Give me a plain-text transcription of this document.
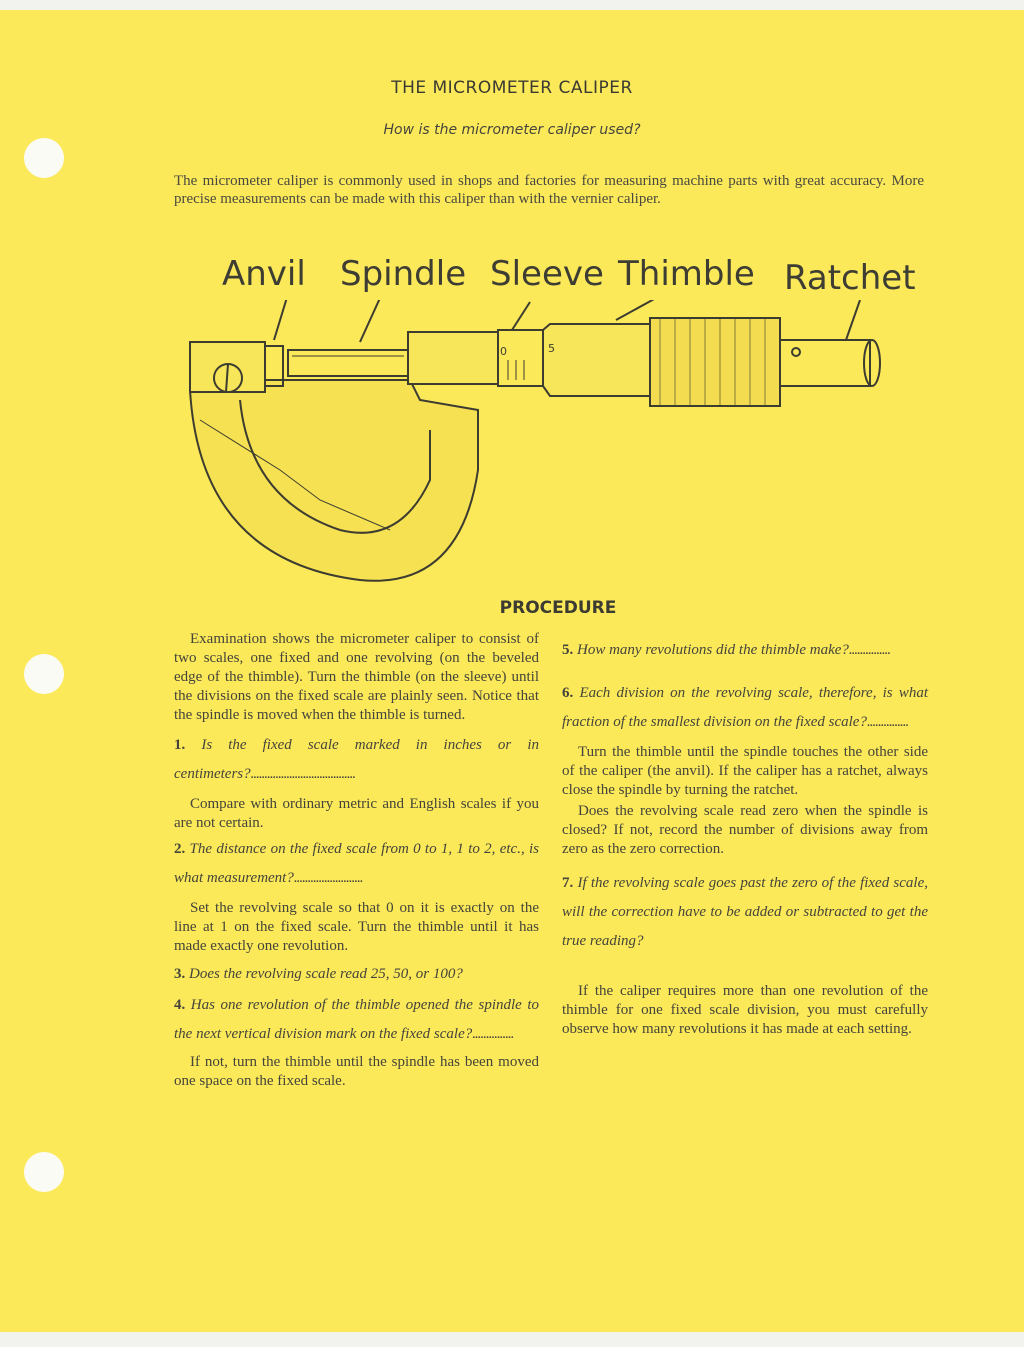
THE MICROMETER CALIPER
How is the micrometer caliper used?
The micrometer caliper is commonly used in shops and factories for measuring machine parts with great accuracy. More precise measurements can be made with this caliper than with the vernier caliper.
Anvil Spindle Sleeve Thimble Ratchet
0	5
PROCEDURE

Examination shows the micrometer caliper to consist of two scales, one fixed and one revolving (on the beveled edge of the thimble). Turn the thimble (on the sleeve) until the divisions on the fixed scale are plainly seen. Notice that the spindle is moved when the thimble is turned.

1. Is the fixed scale marked in inches or in centimeters?......................................

Compare with ordinary metric and English scales if you are not certain.

2. The distance on the fixed scale from 0 to 1, 1 to 2, etc., is what measurement?.........................

Set the revolving scale so that 0 on it is exactly on the line at 1 on the fixed scale. Turn the thimble until it has made exactly one revolution.

3. Does the revolving scale read 25, 50, or 100?

4. Has one revolution of the thimble opened the spindle to the next vertical division mark on the fixed scale?...............

If not, turn the thimble until the spindle has been moved one space on the fixed scale.

5. How many revolutions did the thimble make?...............

6. Each division on the revolving scale, therefore, is what fraction of the smallest division on the fixed scale?...............

Turn the thimble until the spindle touches the other side of the caliper (the anvil). If the caliper has a ratchet, always close the spindle by turning the ratchet.

Does the revolving scale read zero when the spindle is closed? If not, record the number of divisions away from zero as the zero correction.

7. If the revolving scale goes past the zero of the fixed scale, will the correction have to be added or subtracted to get the true reading?

If the caliper requires more than one revolution of the thimble for one fixed scale division, you must carefully observe how many revolutions it has made at each setting.
